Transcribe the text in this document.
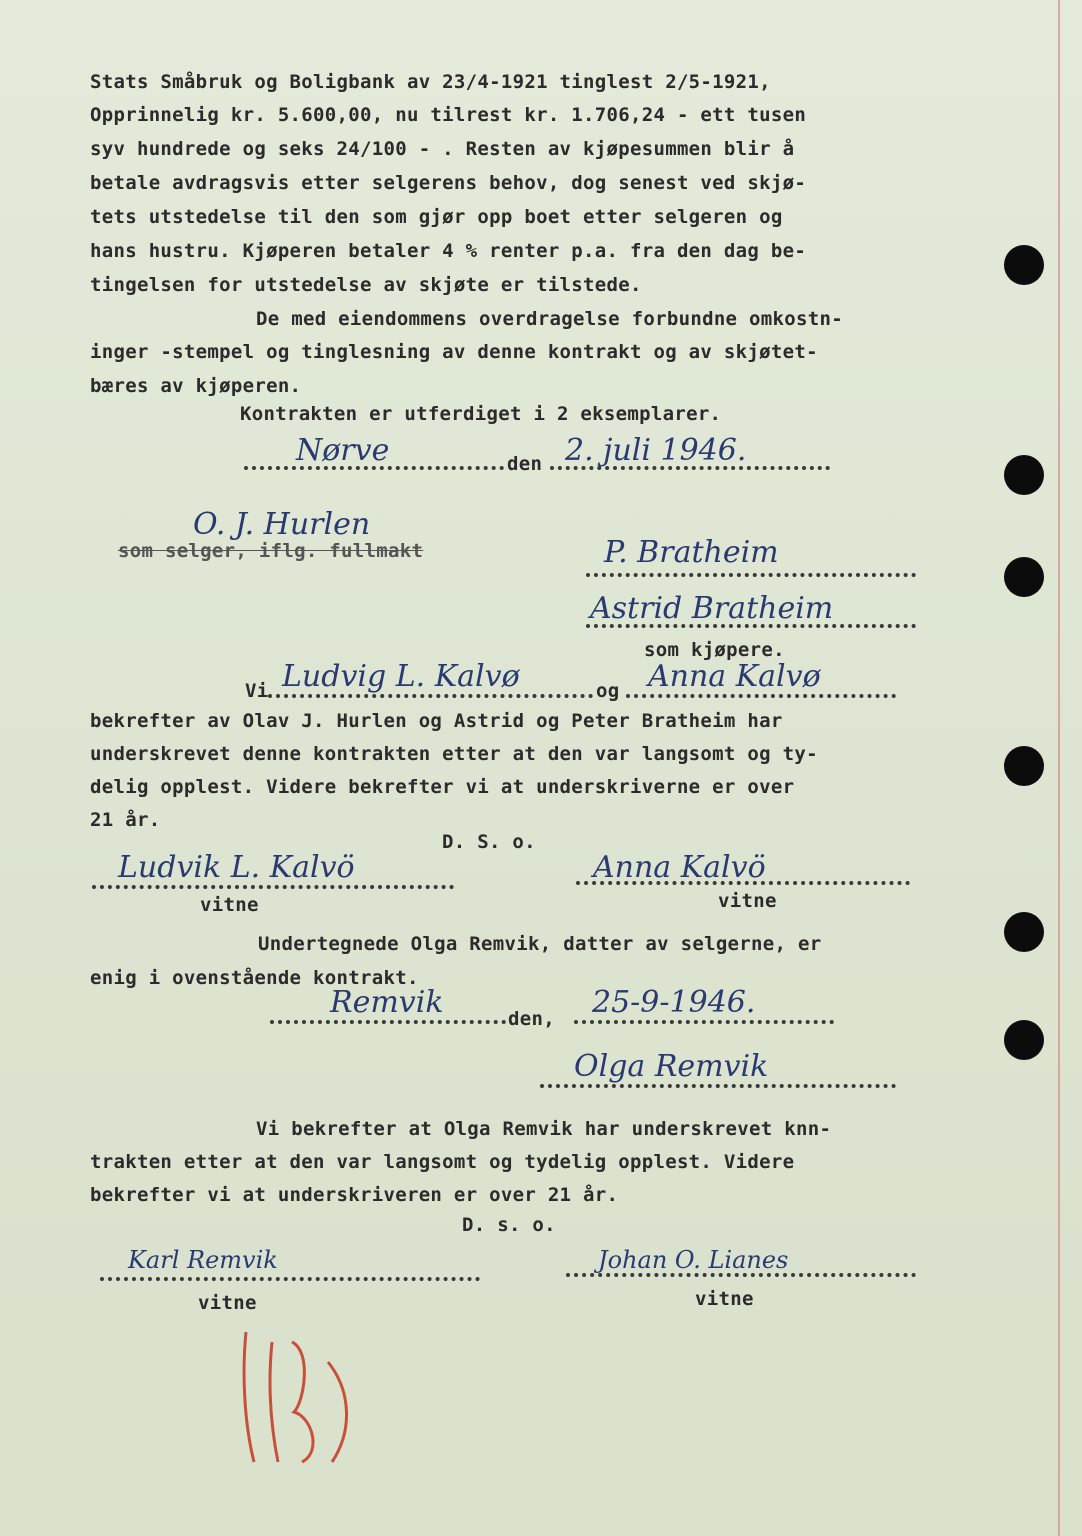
Stats Småbruk og Boligbank av 23/4-1921 tinglest 2/5-1921,
Opprinnelig kr. 5.600,00, nu tilrest kr. 1.706,24 - ett tusen
syv hundrede og seks 24/100 - . Resten av kjøpesummen blir å
betale avdragsvis etter selgerens behov, dog senest ved skjø-
tets utstedelse til den som gjør opp boet etter selgeren og
hans hustru. Kjøperen betaler 4 % renter p.a. fra den dag be-
tingelsen for utstedelse av skjøte er tilstede.
De med eiendommens overdragelse forbundne omkostn-
inger -stempel og tinglesning av denne kontrakt og av skjøtet-
bæres av kjøperen.
Kontrakten er utferdiget i 2 eksemplarer.
Nørve	den 2. juli 1946.
O. J. Hurlen
som selger, iflg. fullmakt	P. Bratheim
Astrid Bratheim
som kjøpere.
Vi Ludvig L. Kalvø	og Anna Kalvø
bekrefter av Olav J. Hurlen og Astrid og Peter Bratheim har
underskrevet denne kontrakten etter at den var langsomt og ty-
delig opplest. Videre bekrefter vi at underskriverne er over
21 år.
D. S. o.
Ludvik L. Kalvö
vitne
Anna Kalvö
vitne
Undertegnede Olga Remvik, datter av selgerne, er
enig i ovenstående kontrakt.
Remvik	den, 25-9-1946.
Olga Remvik
Vi bekrefter at Olga Remvik har underskrevet knn-
trakten etter at den var langsomt og tydelig opplest. Videre
bekrefter vi at underskriveren er over 21 år.
D. s. o.
Karl Remvik
vitne
Johan O. Lianes
vitne
